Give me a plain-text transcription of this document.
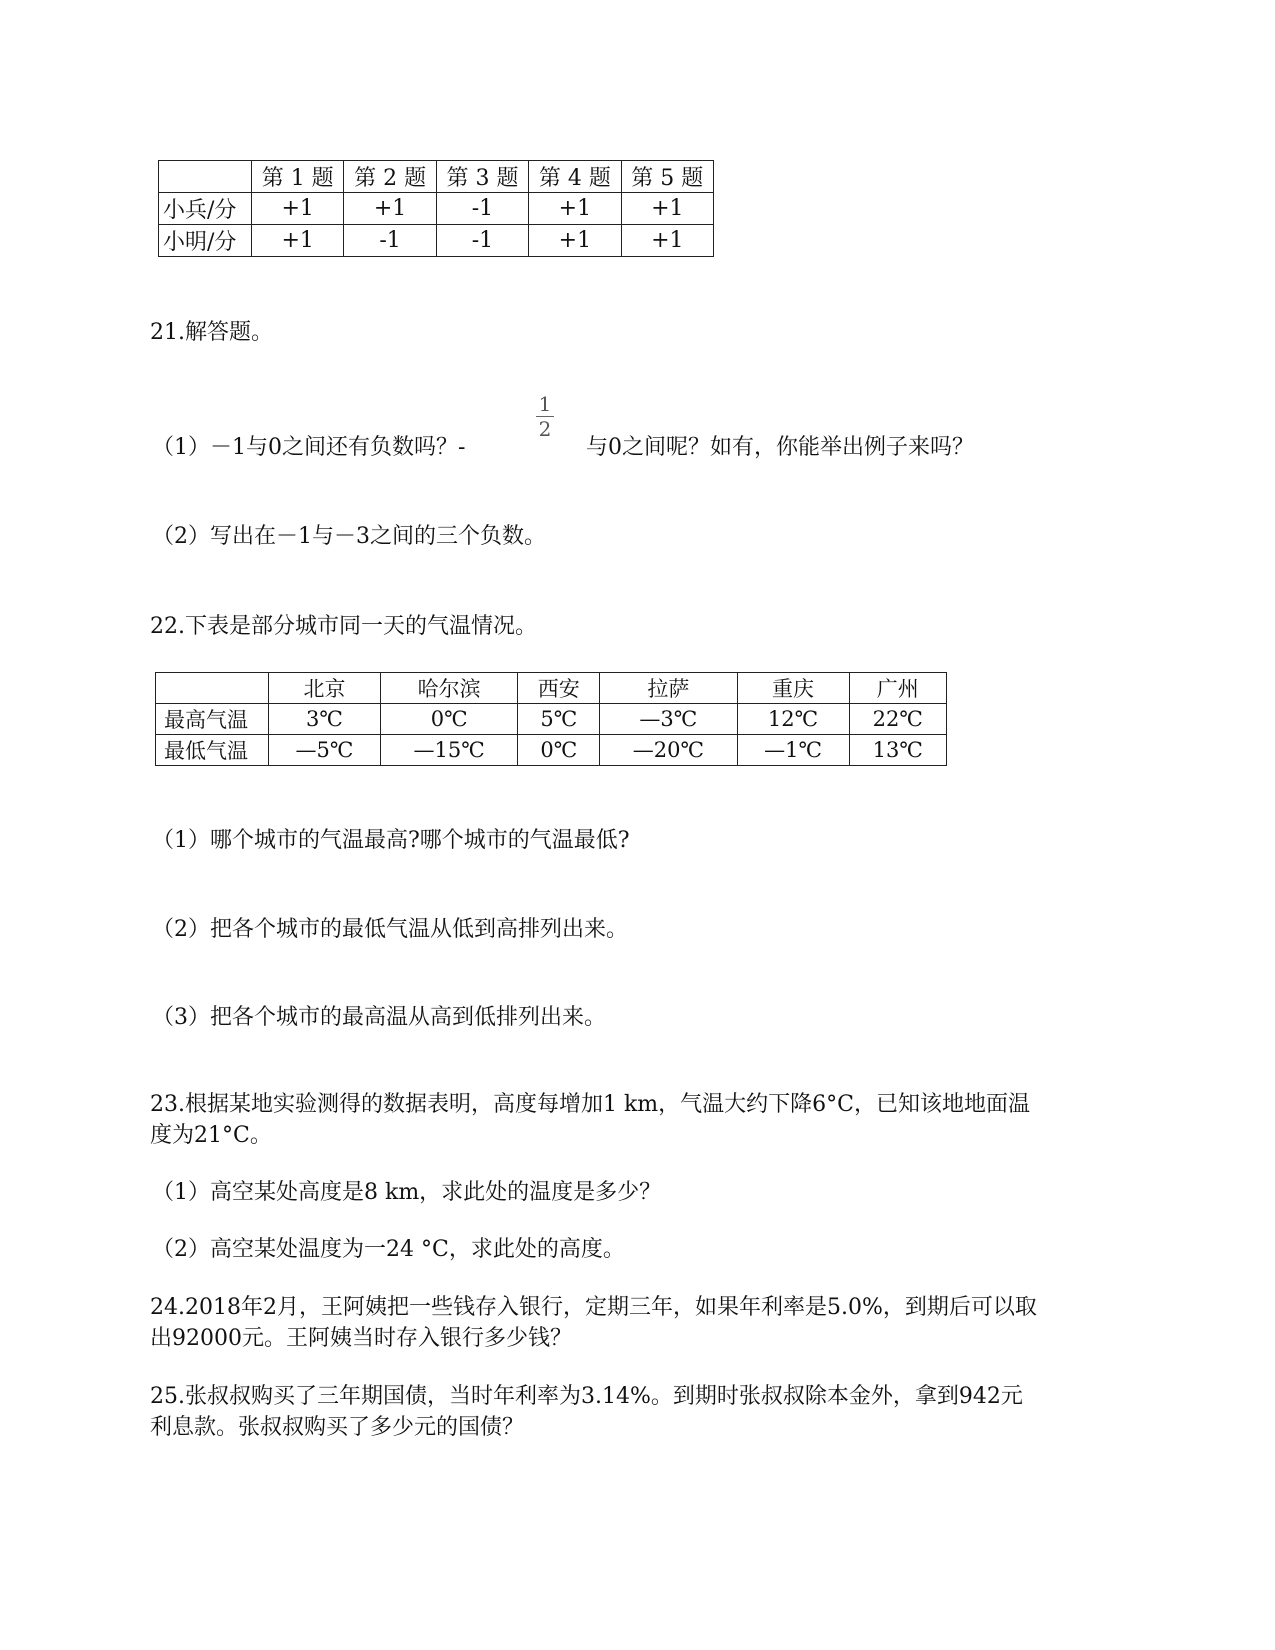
	第 1 题	第 2 题	第 3 题	第 4 题	第 5 题
小兵/分	+1	+1	-1	+1	+1
小明/分	+1	-1	-1	+1	+1
21.解答题。
（1）－1与0之间还有负数吗？-
1
2
与0之间呢？如有，你能举出例子来吗？
（2）写出在－1与－3之间的三个负数。
22.下表是部分城市同一天的气温情况。
	北京	哈尔滨	西安	拉萨	重庆	广州
最高气温	3℃	0℃	5℃	—3℃	12℃	22℃
最低气温	—5℃	—15℃	0℃	—20℃	—1℃	13℃
（1）哪个城市的气温最高?哪个城市的气温最低?
（2）把各个城市的最低气温从低到高排列出来。
（3）把各个城市的最高温从高到低排列出来。
23.根据某地实验测得的数据表明，高度每增加1 km，气温大约下降6°C，已知该地地面温
度为21°C。
（1）高空某处高度是8 km，求此处的温度是多少？
（2）高空某处温度为一24 °C，求此处的高度。
24.2018年2月，王阿姨把一些钱存入银行，定期三年，如果年利率是5.0%，到期后可以取
出92000元。王阿姨当时存入银行多少钱？
25.张叔叔购买了三年期国债，当时年利率为3.14%。到期时张叔叔除本金外，拿到942元
利息款。张叔叔购买了多少元的国债？
